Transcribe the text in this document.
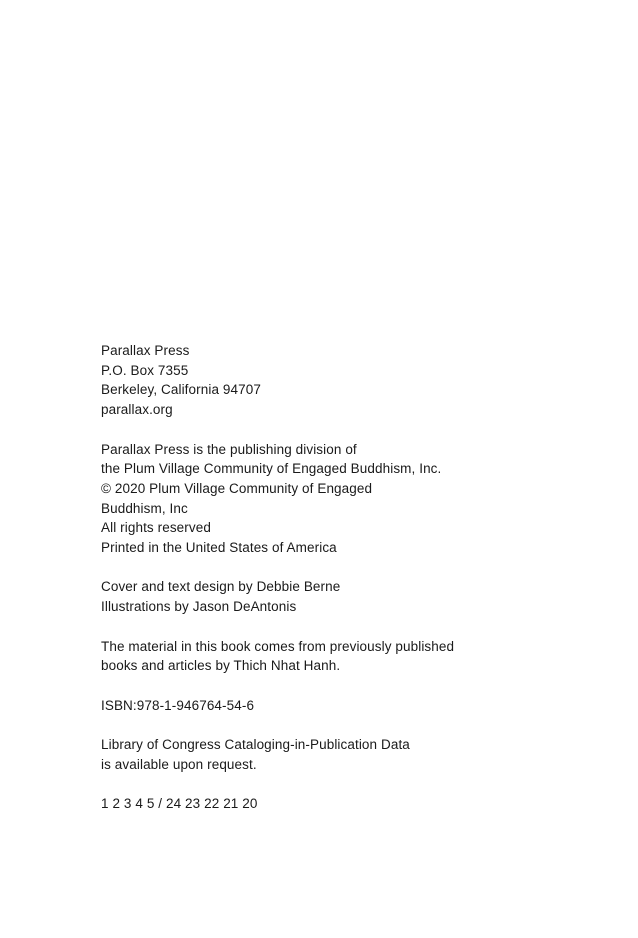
Parallax Press
P.O. Box 7355
Berkeley, California 94707
parallax.org
Parallax Press is the publishing division of
the Plum Village Community of Engaged Buddhism, Inc.
© 2020 Plum Village Community of Engaged
Buddhism, Inc
All rights reserved
Printed in the United States of America
Cover and text design by Debbie Berne
Illustrations by Jason DeAntonis
The material in this book comes from previously published
books and articles by Thich Nhat Hanh.
ISBN:978-1-946764-54-6
Library of Congress Cataloging-in-Publication Data
is available upon request.
1 2 3 4 5 / 24 23 22 21 20
